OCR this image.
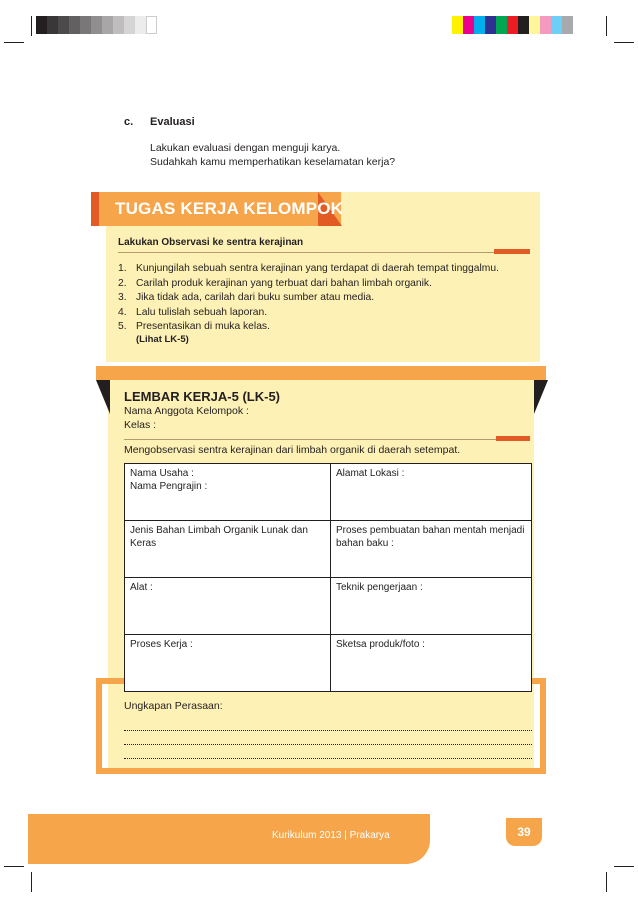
c. Evaluasi
Lakukan evaluasi dengan menguji karya.
Sudahkah kamu memperhatikan keselamatan kerja?
TUGAS KERJA KELOMPOK
Lakukan Observasi ke sentra kerajinan
1. Kunjungilah sebuah sentra kerajinan yang terdapat di daerah tempat tinggalmu.
2. Carilah produk kerajinan yang terbuat dari bahan limbah organik.
3. Jika tidak ada, carilah dari buku sumber atau media.
4. Lalu tulislah sebuah laporan.
5. Presentasikan di muka kelas.
(Lihat LK-5)
LEMBAR KERJA-5 (LK-5)
Nama Anggota Kelompok :
Kelas :
Mengobservasi sentra kerajinan dari limbah organik di daerah setempat.
Nama Usaha :
Nama Pengrajin :	Alamat Lokasi :
Jenis Bahan Limbah Organik Lunak dan Keras	Proses pembuatan bahan mentah menjadi bahan baku :
Alat :	Teknik pengerjaan :
Proses Kerja :	Sketsa produk/foto :
Ungkapan Perasaan:
Kurikulum 2013 | Prakarya	39
